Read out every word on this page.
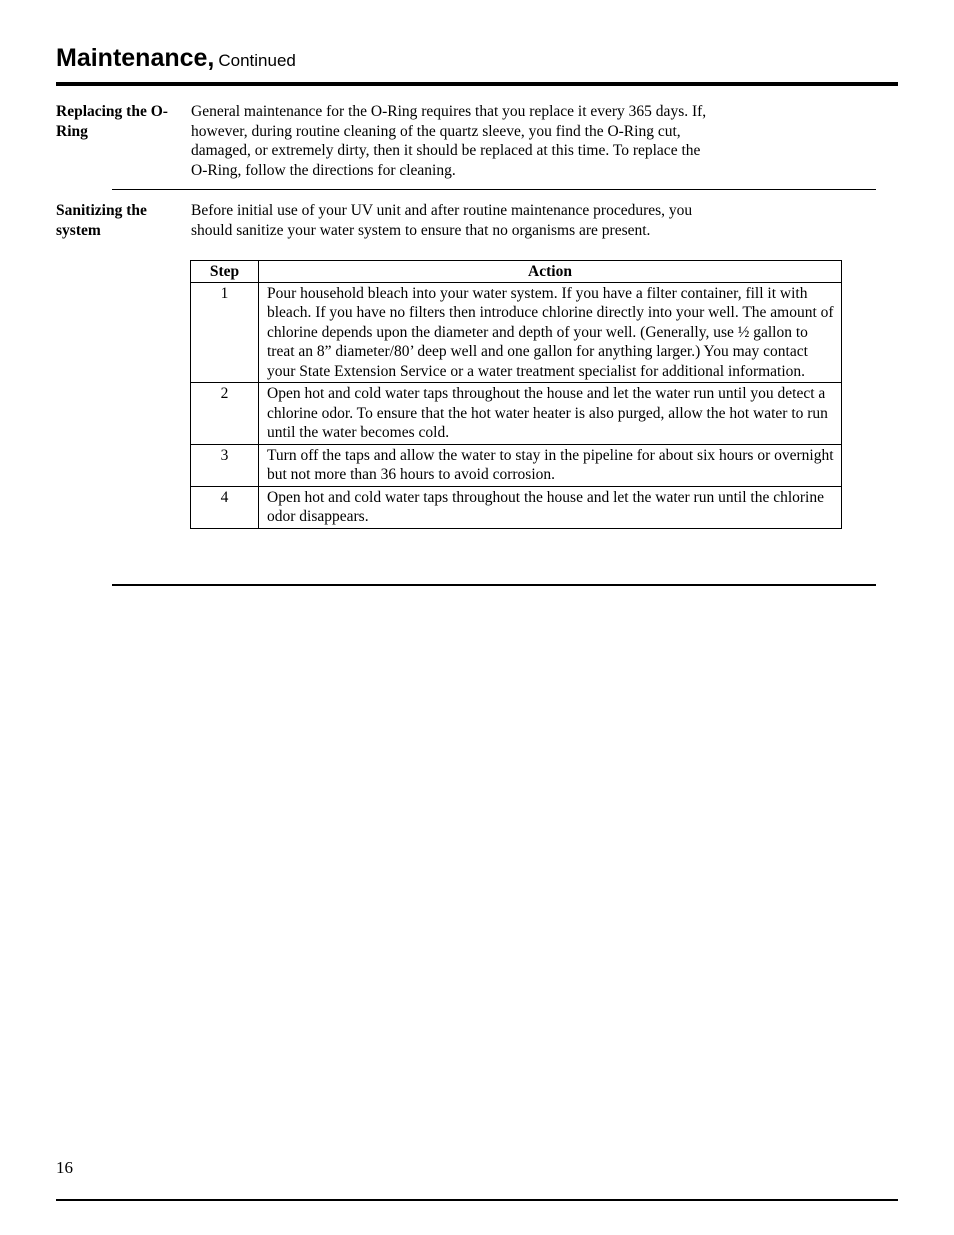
Maintenance, Continued
Replacing the O-Ring
General maintenance for the O-Ring requires that you replace it every 365 days. If,
however, during routine cleaning of the quartz sleeve, you find the O-Ring cut,
damaged, or extremely dirty, then it should be replaced at this time. To replace the
O-Ring, follow the directions for cleaning.
Sanitizing the system
Before initial use of your UV unit and after routine maintenance procedures, you
should sanitize your water system to ensure that no organisms are present.
Step	Action
1	Pour household bleach into your water system. If you have a filter container, fill it with bleach. If you have no filters then introduce chlorine directly into your well. The amount of chlorine depends upon the diameter and depth of your well. (Generally, use ½ gallon to treat an 8” diameter/80’ deep well and one gallon for anything larger.) You may contact your State Extension Service or a water treatment specialist for additional information.
2	Open hot and cold water taps throughout the house and let the water run until you detect a chlorine odor. To ensure that the hot water heater is also purged, allow the hot water to run until the water becomes cold.
3	Turn off the taps and allow the water to stay in the pipeline for about six hours or overnight but not more than 36 hours to avoid corrosion.
4	Open hot and cold water taps throughout the house and let the water run until the chlorine odor disappears.
16
